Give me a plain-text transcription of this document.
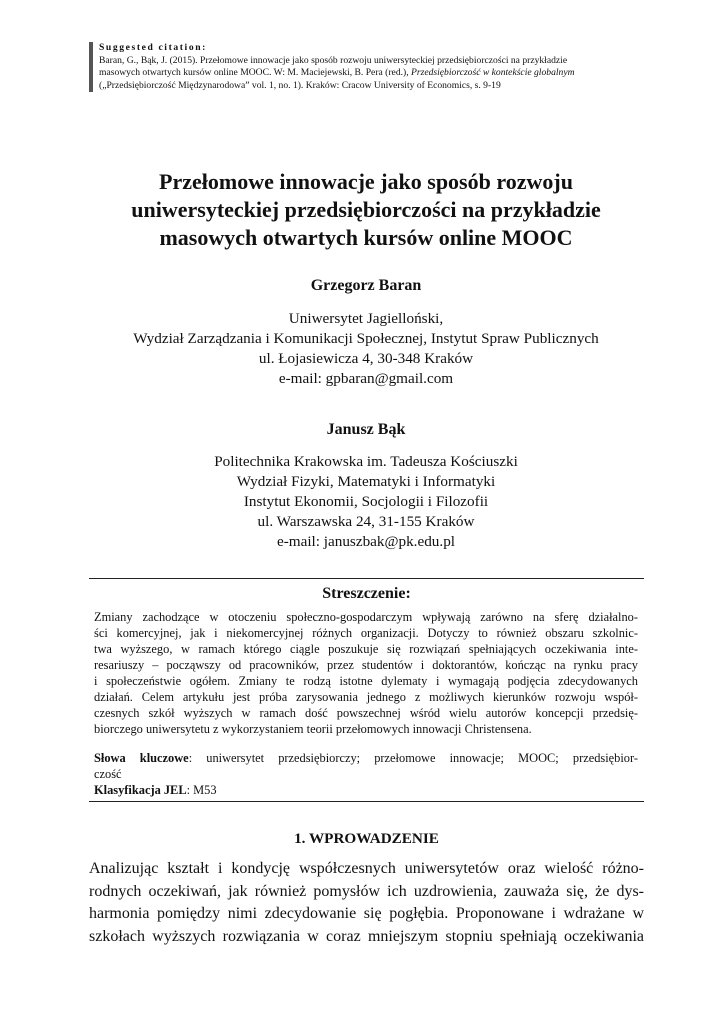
Suggested citation:
Baran, G., Bąk, J. (2015). Przełomowe innowacje jako sposób rozwoju uniwersyteckiej przedsiębiorczości na przykładzie
masowych otwartych kursów online MOOC. W: M. Maciejewski, B. Pera (red.), Przedsiębiorczość w kontekście globalnym
(„Przedsiębiorczość Międzynarodowa” vol. 1, no. 1). Kraków: Cracow University of Economics, s. 9-19
Przełomowe innowacje jako sposób rozwoju
uniwersyteckiej przedsiębiorczości na przykładzie
masowych otwartych kursów online MOOC
Grzegorz Baran
Uniwersytet Jagielloński,
Wydział Zarządzania i Komunikacji Społecznej, Instytut Spraw Publicznych
ul. Łojasiewicza 4, 30-348 Kraków
e-mail: gpbaran@gmail.com
Janusz Bąk
Politechnika Krakowska im. Tadeusza Kościuszki
Wydział Fizyki, Matematyki i Informatyki
Instytut Ekonomii, Socjologii i Filozofii
ul. Warszawska 24, 31-155 Kraków
e-mail: januszbak@pk.edu.pl
Streszczenie:
Zmiany zachodzące w otoczeniu społeczno-gospodarczym wpływają zarówno na sferę działalno-
ści komercyjnej, jak i niekomercyjnej różnych organizacji. Dotyczy to również obszaru szkolnic-
twa wyższego, w ramach którego ciągle poszukuje się rozwiązań spełniających oczekiwania inte-
resariuszy – począwszy od pracowników, przez studentów i doktorantów, kończąc na rynku pracy
i społeczeństwie ogółem. Zmiany te rodzą istotne dylematy i wymagają podjęcia zdecydowanych
działań. Celem artykułu jest próba zarysowania jednego z możliwych kierunków rozwoju współ-
czesnych szkół wyższych w ramach dość powszechnej wśród wielu autorów koncepcji przedsię-
biorczego uniwersytetu z wykorzystaniem teorii przełomowych innowacji Christensena.
Słowa kluczowe: uniwersytet przedsiębiorczy; przełomowe innowacje; MOOC; przedsiębior-
czość
Klasyfikacja JEL: M53
1. WPROWADZENIE
Analizując kształt i kondycję współczesnych uniwersytetów oraz wielość różno-
rodnych oczekiwań, jak również pomysłów ich uzdrowienia, zauważa się, że dys-
harmonia pomiędzy nimi zdecydowanie się pogłębia. Proponowane i wdrażane w
szkołach wyższych rozwiązania w coraz mniejszym stopniu spełniają oczekiwania
